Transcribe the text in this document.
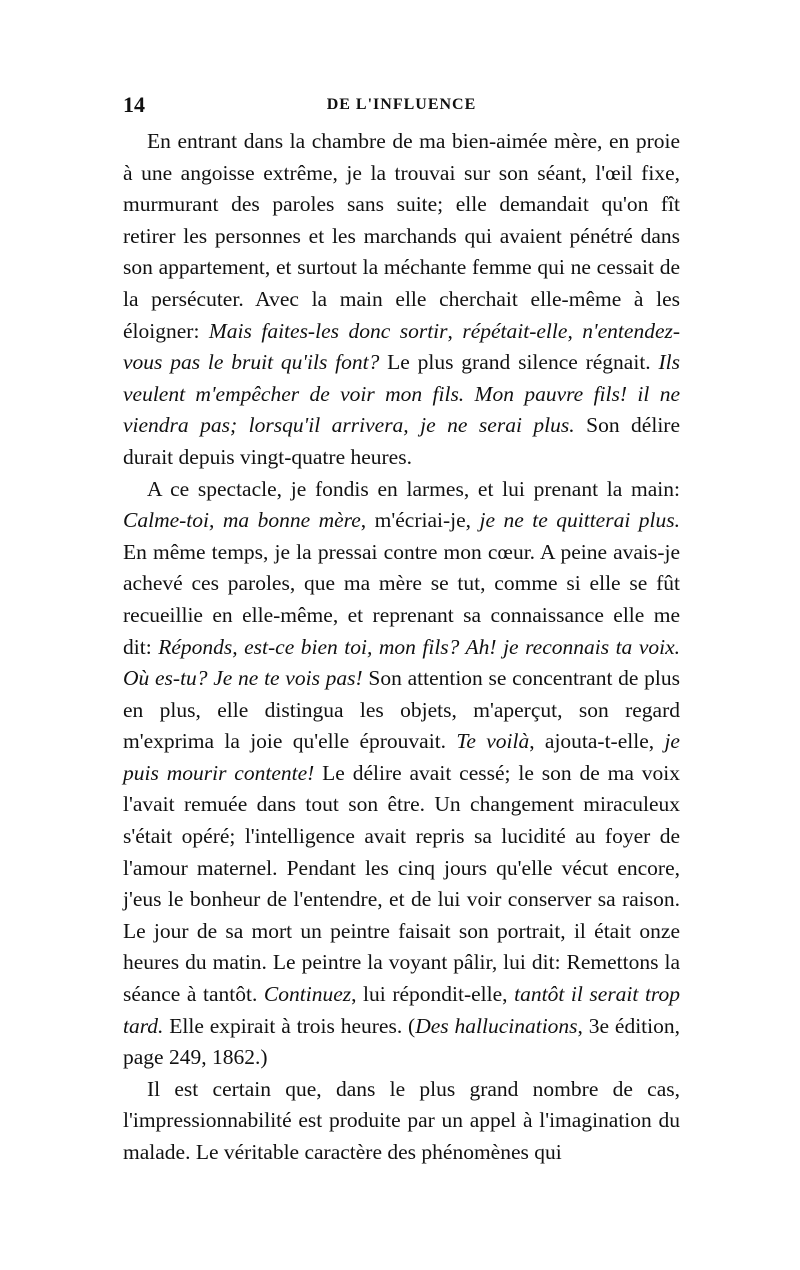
14	DE L'INFLUENCE

En entrant dans la chambre de ma bien-aimée mère, en proie à une angoisse extrême, je la trouvai sur son séant, l'œil fixe, murmurant des paroles sans suite; elle demandait qu'on fît retirer les personnes et les marchands qui avaient pénétré dans son appartement, et surtout la méchante femme qui ne cessait de la persécuter. Avec la main elle cherchait elle-même à les éloigner: Mais faites-les donc sortir, répétait-elle, n'entendez-vous pas le bruit qu'ils font? Le plus grand silence régnait. Ils veulent m'empêcher de voir mon fils. Mon pauvre fils! il ne viendra pas; lorsqu'il arrivera, je ne serai plus. Son délire durait depuis vingt-quatre heures.

A ce spectacle, je fondis en larmes, et lui prenant la main: Calme-toi, ma bonne mère, m'écriai-je, je ne te quitterai plus. En même temps, je la pressai contre mon cœur. A peine avais-je achevé ces paroles, que ma mère se tut, comme si elle se fût recueillie en elle-même, et reprenant sa connaissance elle me dit: Réponds, est-ce bien toi, mon fils? Ah! je reconnais ta voix. Où es-tu? Je ne te vois pas! Son attention se concentrant de plus en plus, elle distingua les objets, m'aperçut, son regard m'exprima la joie qu'elle éprouvait. Te voilà, ajouta-t-elle, je puis mourir contente! Le délire avait cessé; le son de ma voix l'avait remuée dans tout son être. Un changement miraculeux s'était opéré; l'intelligence avait repris sa lucidité au foyer de l'amour maternel. Pendant les cinq jours qu'elle vécut encore, j'eus le bonheur de l'entendre, et de lui voir conserver sa raison. Le jour de sa mort un peintre faisait son portrait, il était onze heures du matin. Le peintre la voyant pâlir, lui dit: Remettons la séance à tantôt. Continuez, lui répondit-elle, tantôt il serait trop tard. Elle expirait à trois heures. (Des hallucinations, 3e édition, page 249, 1862.)

Il est certain que, dans le plus grand nombre de cas, l'impressionnabilité est produite par un appel à l'imagination du malade. Le véritable caractère des phénomènes qui
